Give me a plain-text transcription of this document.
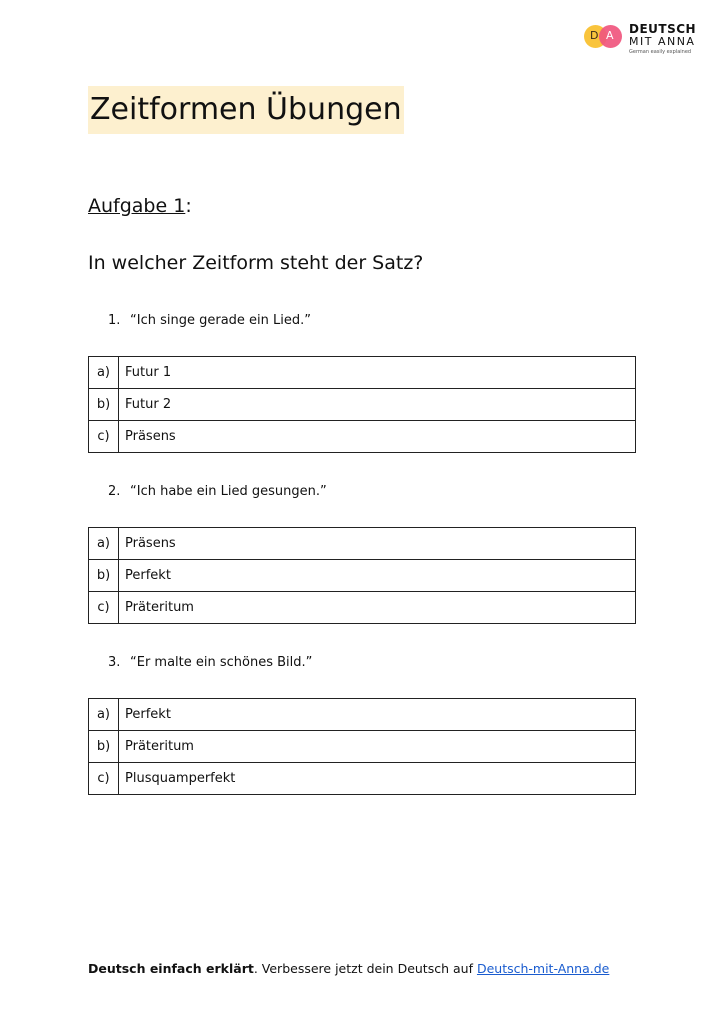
D A DEUTSCH
MIT ANNA
German easily explained
Zeitformen Übungen
Aufgabe 1:
In welcher Zeitform steht der Satz?
1. “Ich singe gerade ein Lied.”
a)	Futur 1
b)	Futur 2
c)	Präsens
2. “Ich habe ein Lied gesungen.”
a)	Präsens
b)	Perfekt
c)	Präteritum
3. “Er malte ein schönes Bild.”
a)	Perfekt
b)	Präteritum
c)	Plusquamperfekt
Deutsch einfach erklärt. Verbessere jetzt dein Deutsch auf Deutsch-mit-Anna.de
